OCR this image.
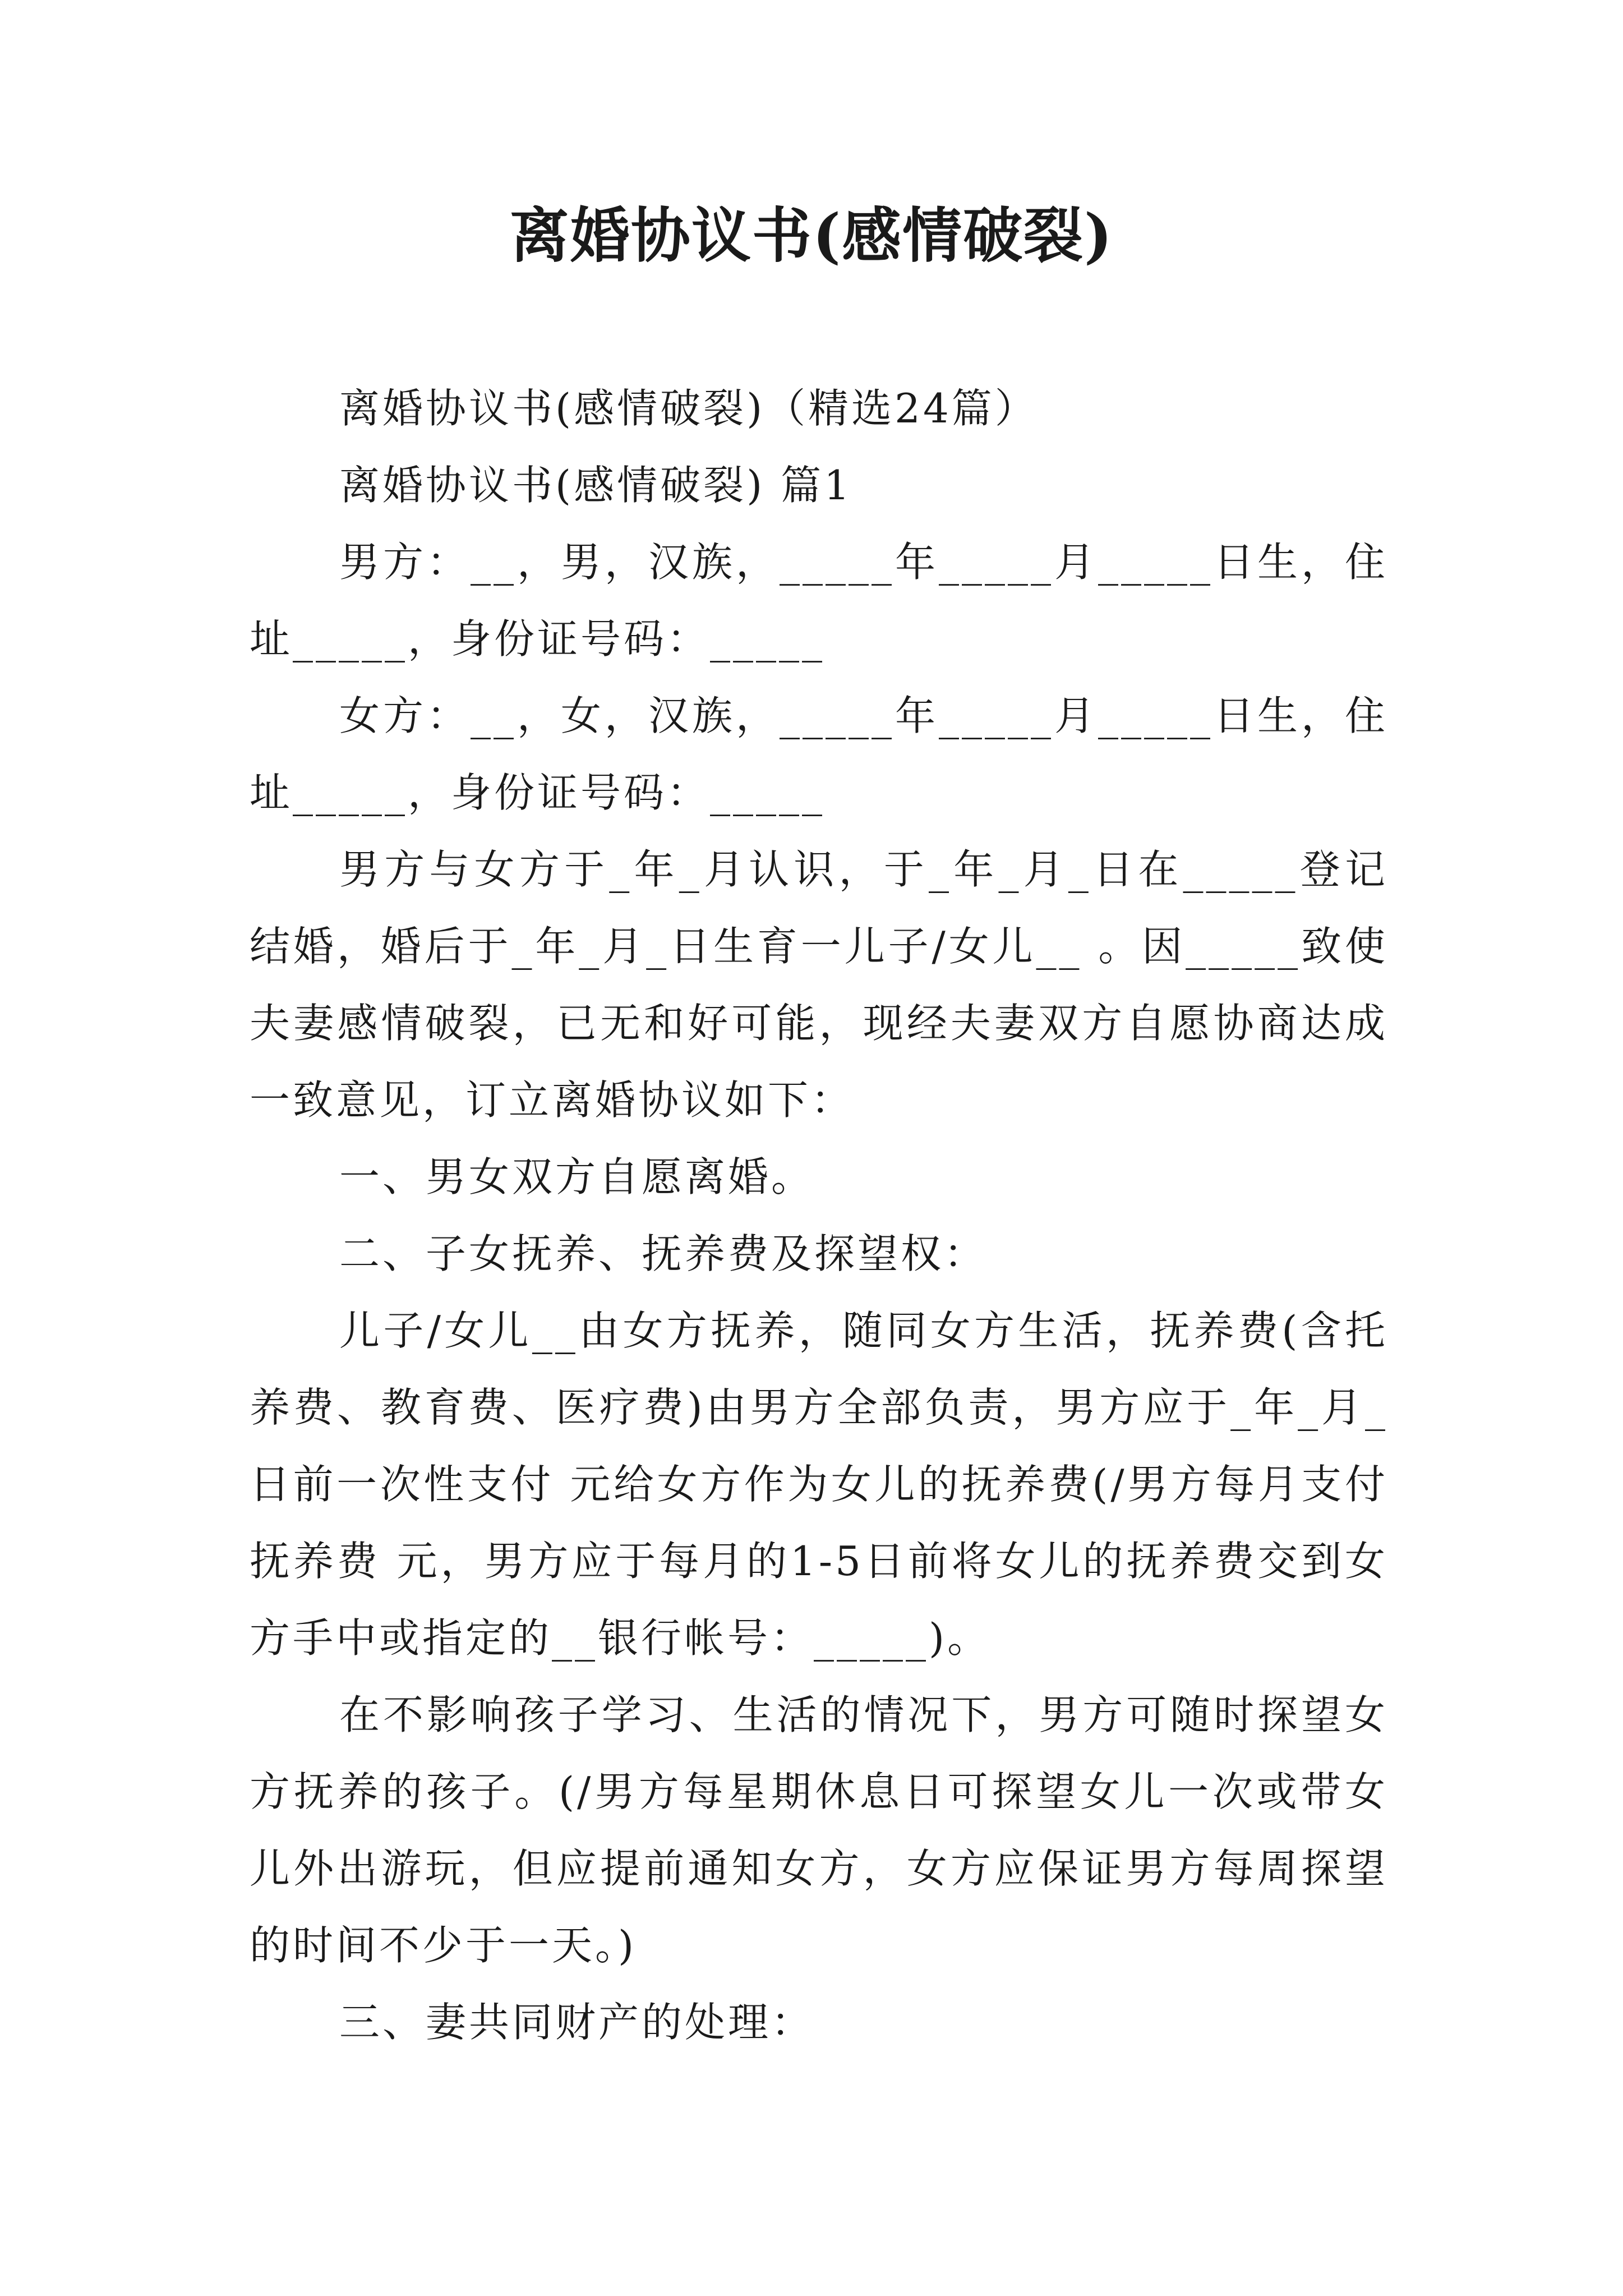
离婚协议书(感情破裂)

离婚协议书(感情破裂)（精选24篇）

离婚协议书(感情破裂) 篇1

男方：__，男，汉族，_____年_____月_____日生，住址_____，身份证号码：_____

女方：__，女，汉族，_____年_____月_____日生，住址_____，身份证号码：_____

男方与女方于_年_月认识，于_年_月_日在_____登记结婚，婚后于_年_月_日生育一儿子/女儿__ 。因_____致使夫妻感情破裂，已无和好可能，现经夫妻双方自愿协商达成一致意见，订立离婚协议如下：

一、男女双方自愿离婚。

二、子女抚养、抚养费及探望权：

儿子/女儿__由女方抚养，随同女方生活，抚养费(含托养费、教育费、医疗费)由男方全部负责，男方应于_年_月_日前一次性支付 元给女方作为女儿的抚养费(/男方每月支付抚养费 元，男方应于每月的1-5日前将女儿的抚养费交到女方手中或指定的__银行帐号：_____)。

在不影响孩子学习、生活的情况下，男方可随时探望女方抚养的孩子。(/男方每星期休息日可探望女儿一次或带女儿外出游玩，但应提前通知女方，女方应保证男方每周探望的时间不少于一天。)

三、妻共同财产的处理：
